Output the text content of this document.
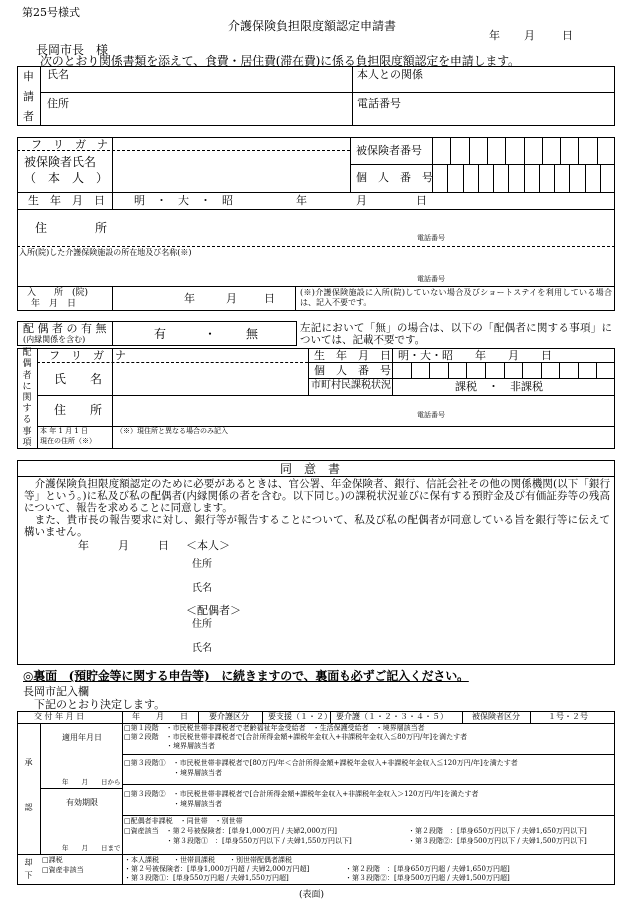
第25号様式
介護保険負担限度額認定申請書
年 月 日
長岡市長　様
次のとおり関係書類を添えて、食費・居住費(滞在費)に係る負担限度額認定を申請します。
申
請
者
氏名	本人との関係
住所	電話番号
フ　リ　ガ　ナ
被保険者氏名
（　本　人　）
被保険者番号
個　人　番　号
生　年　月　日	明　・　大　・　昭	年	月	日
住　　　　所
電話番号
入所(院)した介護保険施設の所在地及び名称(※)
電話番号
入　　所　(院)
年　月　日	年	月 日	(※)介護保険施設に入所(院)していない場合及びショートステイを利用している場合は、記入不要です。
配 偶 者 の 有 無
(内縁関係を含む)	有	・ 無	左記において「無」の場合は、以下の「配偶者に関する事項」については、記載不要です。
配
偶
者
に
関
す
る
事
項
フ　リ　ガ　ナ
氏　　名
生　年　月　日 明・大・昭　　年　　月　　日
個　人　番　号
市町村民課税状況	課税　・　非課税
住　　所	電話番号
本 年 1 月 1 日
現在の住所（※）
（※）現住所と異なる場合のみ記入
同　意　書
　介護保険負担限度額認定のために必要があるときは、官公署、年金保険者、銀行、信託会社その他の関係機関(以下「銀行等」という。)に私及び私の配偶者(内縁関係の者を含む。以下同じ。)の課税状況並びに保有する預貯金及び有価証券等の残高について、報告を求めることに同意します。
　また、貴市長の報告要求に対し、銀行等が報告することについて、私及び私の配偶者が同意している旨を銀行等に伝えて構いません。
年	月	日 ＜本人＞
住所
氏名
＜配偶者＞
住所
氏名
◎裏面　(預貯金等に関する申告等)　に続きますので、裏面も必ずご記入ください。
長岡市記入欄
下記のとおり決定します。
交 付 年 月 日	年　　月　　日	要介護区分 要支援（１・２） 要介護（１・２・３・４・５）	被保険者区分	１号・２号
承
認
適用年月日
年　　月　　日から
有効期限
年　　月　　日まで
□第１段階　・市民税世帯非課税者で老齢福祉年金受給者　・生活保護受給者　・境界層該当者
□第２段階　・市民税世帯非課税者で[合計所得金額+課税年金収入+非課税年金収入≦80万円/年]を満たす者
　　　　　　・境界層該当者
□第３段階①　・市民税世帯非課税者で[80万円/年＜合計所得金額+課税年金収入+非課税年金収入≦120万円/年]を満たす者
　　　　　　　・境界層該当者
□第３段階②　・市民税世帯非課税者で[合計所得金額+課税年金収入+非課税年金収入＞120万円/年]を満たす者
　　　　　　　・境界層該当者
□配偶者非課税　・同世帯　・別世帯
□資産該当　・第２号被保険者：[単身1,000万円 / 夫婦2,000万円]
　　　　　　・第３段階①　：[単身550万円以下 / 夫婦1,550万円以下]
・第２段階　：[単身650万円以下 / 夫婦1,650万円以下]
・第３段階②：[単身500万円以下 / 夫婦1,500万円以下]
却
下
□課税
□資産非該当
・本人課税　　・世帯員課税　　・別世帯配偶者課税
・第２号被保険者：[単身1,000万円超 / 夫婦2,000万円超]
・第３段階①：[単身550万円超 / 夫婦1,550万円超]
・第２段階　：[単身650万円超 / 夫婦1,650万円超]
・第３段階②：[単身500万円超 / 夫婦1,500万円超]
(表面)
